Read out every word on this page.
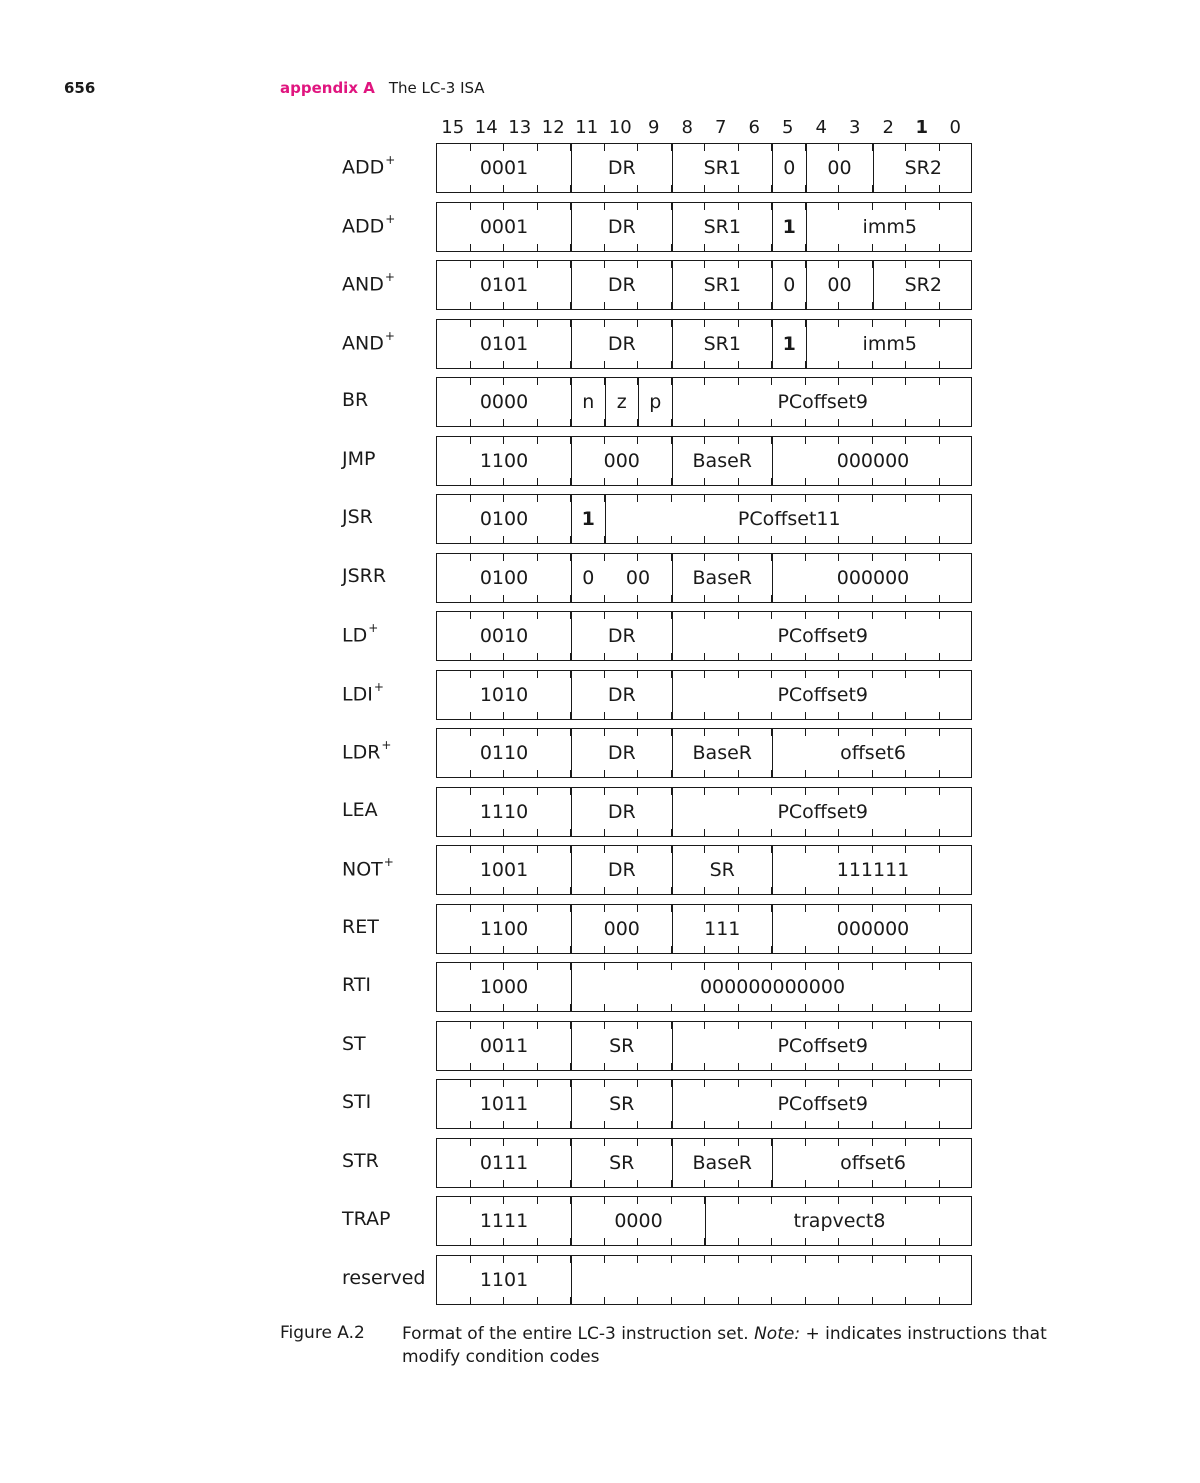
656	appendix A The LC-3 ISA
15 14 13 12 11 10 9	8	7	6	5	4	3	2	1	0
ADD+	0001	DR	SR1	0	00	SR2
ADD+	0001	DR	SR1	1	imm5
AND+	0101	DR	SR1	0	00	SR2
AND+	0101	DR	SR1	1	imm5
BR	0000	n	z	p	PCoffset9
JMP	1100	000	BaseR	000000
JSR	0100	1	PCoffset11
JSRR	0100	0	00	BaseR	000000
LD+	0010	DR	PCoffset9
LDI+	1010	DR	PCoffset9
LDR+	0110	DR	BaseR	offset6
LEA	1110	DR	PCoffset9
NOT+	1001	DR	SR	111111
RET	1100	000	111	000000
RTI	1000	000000000000
ST	0011	SR	PCoffset9
STI	1011	SR	PCoffset9
STR	0111	SR	BaseR	offset6
TRAP	1111	0000	trapvect8
reserved	1101
Figure A.2 Format of the entire LC-3 instruction set. Note: + indicates instructions that modify condition codes
